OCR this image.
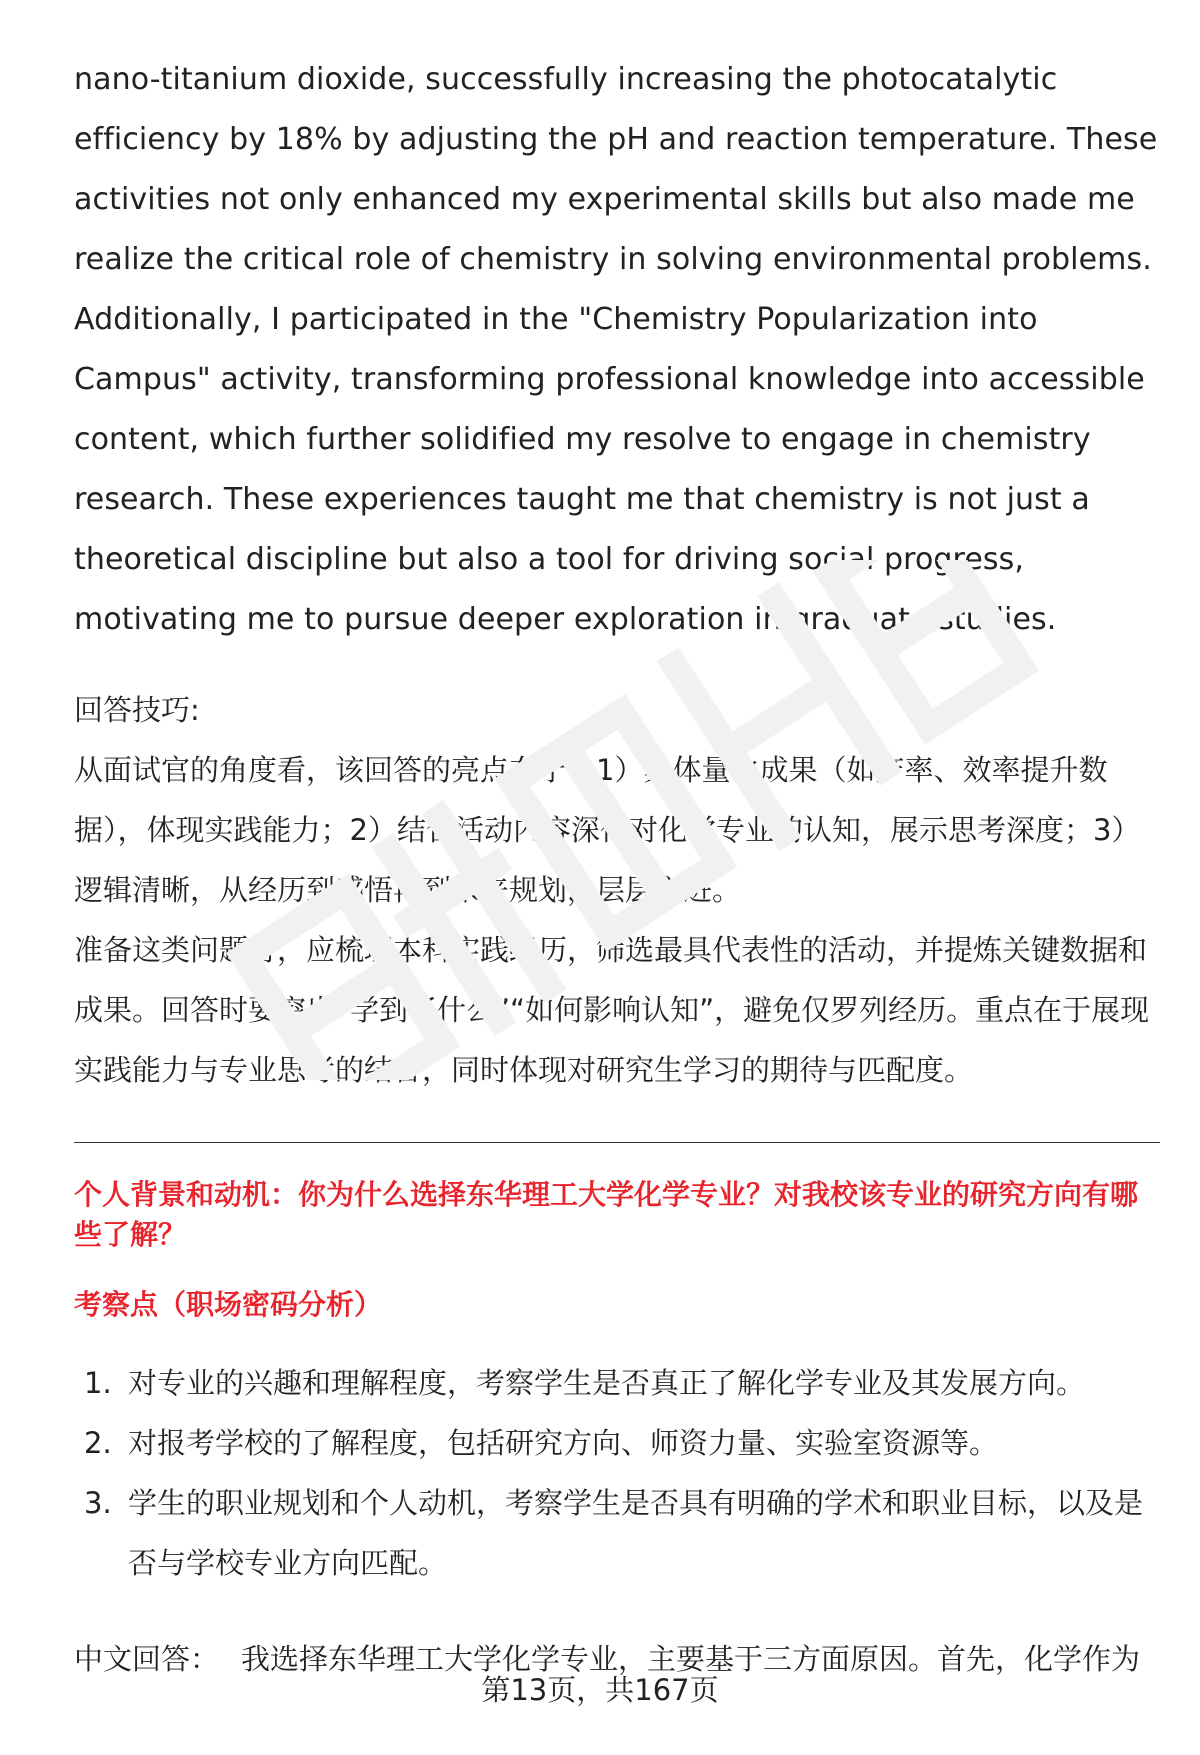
nano-titanium dioxide, successfully increasing the photocatalytic efficiency by 18% by adjusting the pH and reaction temperature. These activities not only enhanced my experimental skills but also made me realize the critical role of chemistry in solving environmental problems. Additionally, I participated in the "Chemistry Popularization into Campus" activity, transforming professional knowledge into accessible content, which further solidified my resolve to engage in chemistry research. These experiences taught me that chemistry is not just a theoretical discipline but also a tool for driving social progress, motivating me to pursue deeper exploration in graduate studies.

回答技巧:

从面试官的角度看，该回答的亮点在于：1）具体量化成果（如产率、效率提升数据），体现实践能力；2）结合活动内容深化对化学专业的认知，展示思考深度；3）逻辑清晰，从经历到感悟再到未来规划，层层递进。

准备这类问题时，应梳理本科实践经历，筛选最具代表性的活动，并提炼关键数据和成果。回答时要突出“学到了什么”“如何影响认知”，避免仅罗列经历。重点在于展现实践能力与专业思考的结合，同时体现对研究生学习的期待与匹配度。

个人背景和动机：你为什么选择东华理工大学化学专业？对我校该专业的研究方向有哪些了解？
考察点（职场密码分析）
1. 对专业的兴趣和理解程度，考察学生是否真正了解化学专业及其发展方向。
2. 对报考学校的了解程度，包括研究方向、师资力量、实验室资源等。
3. 学生的职业规划和个人动机，考察学生是否具有明确的学术和职业目标，以及是否与学校专业方向匹配。
中文回答： 我选择东华理工大学化学专业，主要基于三方面原因。首先，化学作为
第13页，共167页
